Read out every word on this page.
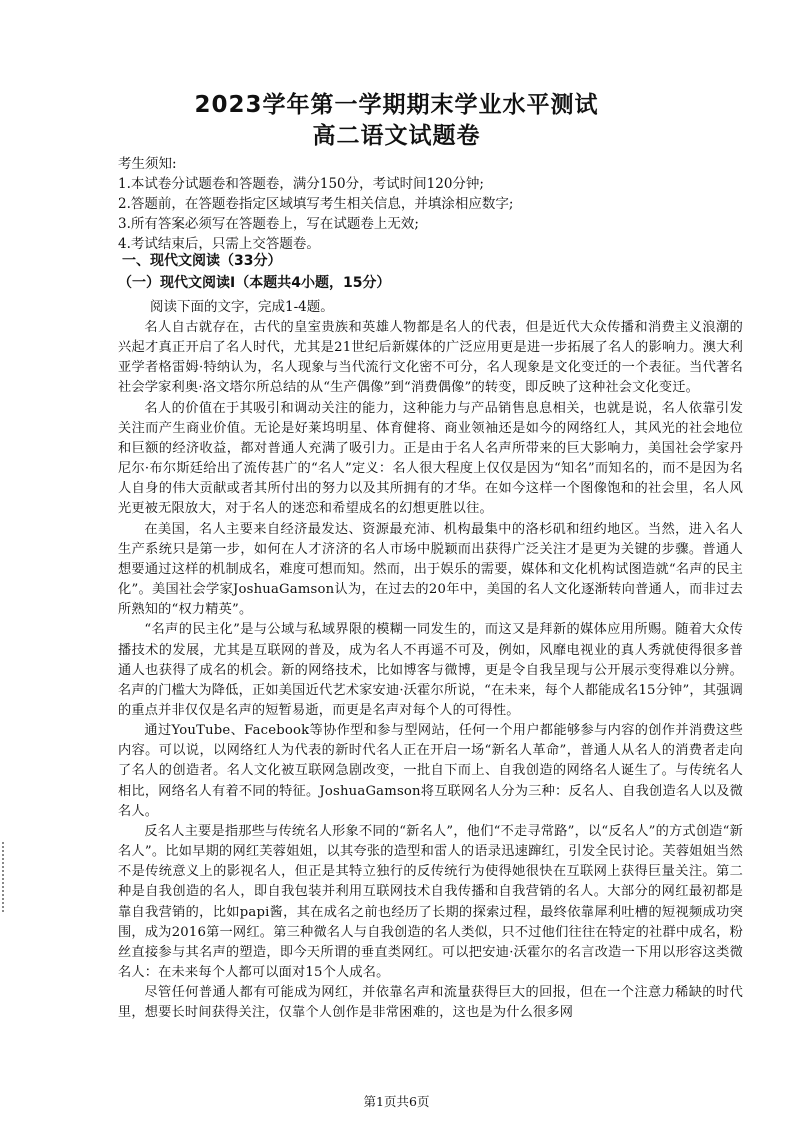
2023学年第一学期期末学业水平测试
高二语文试题卷
考生须知:
1.本试卷分试题卷和答题卷，满分150分，考试时间120分钟;
2.答题前，在答题卷指定区域填写考生相关信息，并填涂相应数字;
3.所有答案必须写在答题卷上，写在试题卷上无效;
4.考试结束后，只需上交答题卷。
一、现代文阅读（33分）
（一）现代文阅读Ⅰ（本题共4小题，15分）
阅读下面的文字，完成1-4题。

名人自古就存在，古代的皇室贵族和英雄人物都是名人的代表，但是近代大众传播和消费主义浪潮的兴起才真正开启了名人时代，尤其是21世纪后新媒体的广泛应用更是进一步拓展了名人的影响力。澳大利亚学者格雷姆·特纳认为，名人现象与当代流行文化密不可分，名人现象是文化变迁的一个表征。当代著名社会学家利奥·洛文塔尔所总结的从“生产偶像”到“消费偶像”的转变，即反映了这种社会文化变迁。

名人的价值在于其吸引和调动关注的能力，这种能力与产品销售息息相关，也就是说，名人依靠引发关注而产生商业价值。无论是好莱坞明星、体育健将、商业领袖还是如今的网络红人，其风光的社会地位和巨额的经济收益，都对普通人充满了吸引力。正是由于名人名声所带来的巨大影响力，美国社会学家丹尼尔·布尔斯廷给出了流传甚广的“名人”定义：名人很大程度上仅仅是因为“知名”而知名的，而不是因为名人自身的伟大贡献或者其所付出的努力以及其所拥有的才华。在如今这样一个图像饱和的社会里，名人风光更被无限放大，对于名人的迷恋和希望成名的幻想更胜以往。

在美国，名人主要来自经济最发达、资源最充沛、机构最集中的洛杉矶和纽约地区。当然，进入名人生产系统只是第一步，如何在人才济济的名人市场中脱颖而出获得广泛关注才是更为关键的步骤。普通人想要通过这样的机制成名，难度可想而知。然而，出于娱乐的需要，媒体和文化机构试图造就“名声的民主化”。美国社会学家JoshuaGamson认为，在过去的20年中，美国的名人文化逐渐转向普通人，而非过去所熟知的“权力精英”。

“名声的民主化”是与公域与私域界限的模糊一同发生的，而这又是拜新的媒体应用所赐。随着大众传播技术的发展，尤其是互联网的普及，成为名人不再遥不可及，例如，风靡电视业的真人秀就使得很多普通人也获得了成名的机会。新的网络技术，比如博客与微博，更是令自我呈现与公开展示变得难以分辨。名声的门槛大为降低，正如美国近代艺术家安迪·沃霍尔所说，“在未来，每个人都能成名15分钟”，其强调的重点并非仅仅是名声的短暂易逝，而更是名声对每个人的可得性。

通过YouTube、Facebook等协作型和参与型网站，任何一个用户都能够参与内容的创作并消费这些内容。可以说，以网络红人为代表的新时代名人正在开启一场“新名人革命”，普通人从名人的消费者走向了名人的创造者。名人文化被互联网急剧改变，一批自下而上、自我创造的网络名人诞生了。与传统名人相比，网络名人有着不同的特征。JoshuaGamson将互联网名人分为三种：反名人、自我创造名人以及微名人。

反名人主要是指那些与传统名人形象不同的“新名人”，他们“不走寻常路”，以“反名人”的方式创造“新名人”。比如早期的网红芙蓉姐姐，以其夸张的造型和雷人的语录迅速蹿红，引发全民讨论。芙蓉姐姐当然不是传统意义上的影视名人，但正是其特立独行的反传统行为使得她很快在互联网上获得巨量关注。第二种是自我创造的名人，即自我包装并利用互联网技术自我传播和自我营销的名人。大部分的网红最初都是靠自我营销的，比如papi酱，其在成名之前也经历了长期的探索过程，最终依靠犀利吐槽的短视频成功突围，成为2016第一网红。第三种微名人与自我创造的名人类似，只不过他们往往在特定的社群中成名，粉丝直接参与其名声的塑造，即今天所谓的垂直类网红。可以把安迪·沃霍尔的名言改造一下用以形容这类微名人：在未来每个人都可以面对15个人成名。

尽管任何普通人都有可能成为网红，并依靠名声和流量获得巨大的回报，但在一个注意力稀缺的时代里，想要长时间获得关注，仅靠个人创作是非常困难的，这也是为什么很多网

第1页共6页
